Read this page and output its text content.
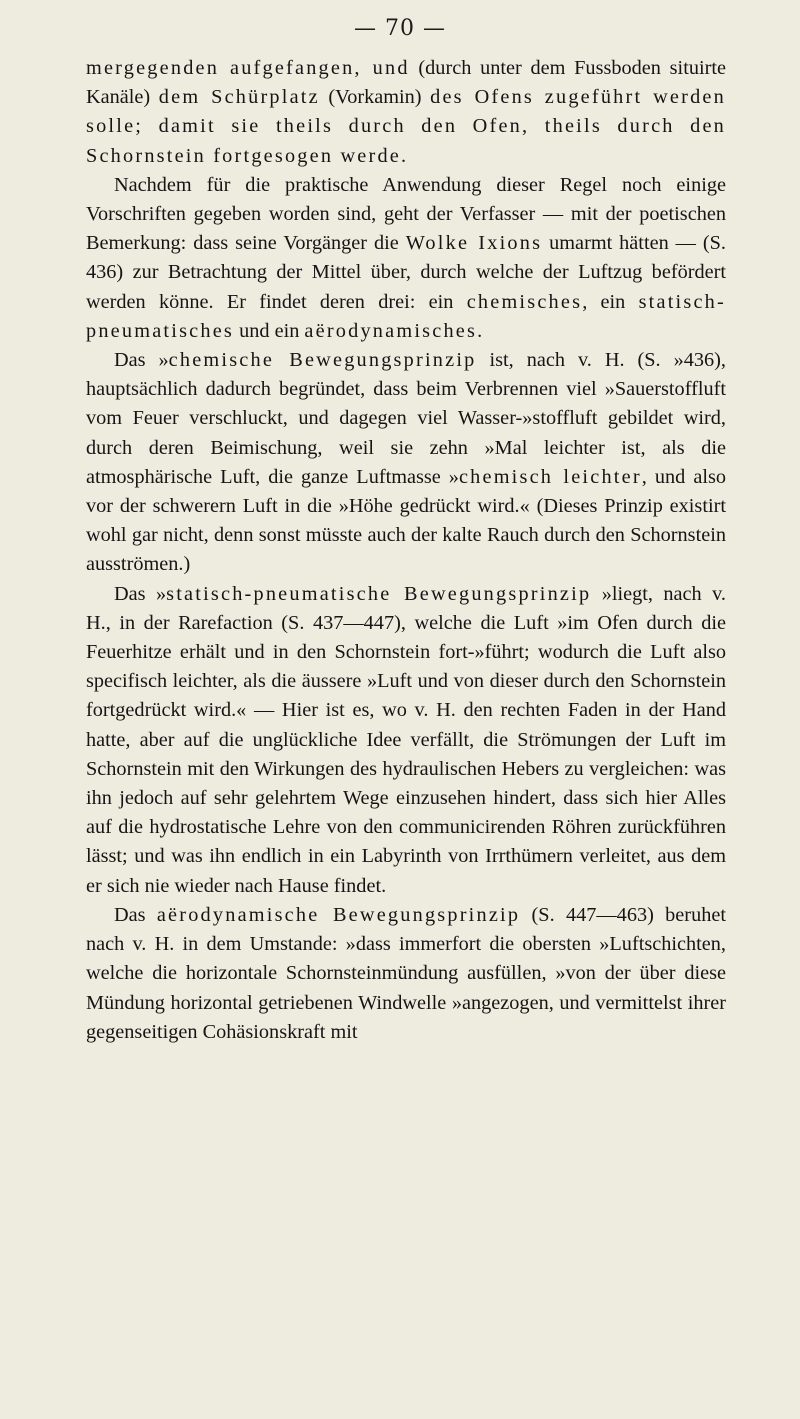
— 70 —

mergegenden aufgefangen, und (durch unter dem Fussboden situirte Kanäle) dem Schürplatz (Vorkamin) des Ofens zugeführt werden solle; damit sie theils durch den Ofen, theils durch den Schornstein fortgesogen werde.

Nachdem für die praktische Anwendung dieser Regel noch einige Vorschriften gegeben worden sind, geht der Verfasser — mit der poetischen Bemerkung: dass seine Vorgänger die Wolke Ixions umarmt hätten — (S. 436) zur Betrachtung der Mittel über, durch welche der Luftzug befördert werden könne. Er findet deren drei: ein chemisches, ein statisch-pneumatisches und ein aërodynamisches.

Das »chemische Bewegungsprinzip ist, nach v. H. (S. »436), hauptsächlich dadurch begründet, dass beim Verbrennen viel »Sauerstoffluft vom Feuer verschluckt, und dagegen viel Wasser-»stoffluft gebildet wird, durch deren Beimischung, weil sie zehn »Mal leichter ist, als die atmosphärische Luft, die ganze Luftmasse »chemisch leichter, und also vor der schwerern Luft in die »Höhe gedrückt wird.« (Dieses Prinzip existirt wohl gar nicht, denn sonst müsste auch der kalte Rauch durch den Schornstein ausströmen.)

Das »statisch-pneumatische Bewegungsprinzip »liegt, nach v. H., in der Rarefaction (S. 437—447), welche die Luft »im Ofen durch die Feuerhitze erhält und in den Schornstein fort-»führt; wodurch die Luft also specifisch leichter, als die äussere »Luft und von dieser durch den Schornstein fortgedrückt wird.« — Hier ist es, wo v. H. den rechten Faden in der Hand hatte, aber auf die unglückliche Idee verfällt, die Strömungen der Luft im Schornstein mit den Wirkungen des hydraulischen Hebers zu vergleichen: was ihn jedoch auf sehr gelehrtem Wege einzusehen hindert, dass sich hier Alles auf die hydrostatische Lehre von den communicirenden Röhren zurückführen lässt; und was ihn endlich in ein Labyrinth von Irrthümern verleitet, aus dem er sich nie wieder nach Hause findet.

Das aërodynamische Bewegungsprinzip (S. 447—463) beruhet nach v. H. in dem Umstande: »dass immerfort die obersten »Luftschichten, welche die horizontale Schornsteinmündung ausfüllen, »von der über diese Mündung horizontal getriebenen Windwelle »angezogen, und vermittelst ihrer gegenseitigen Cohäsionskraft mit
